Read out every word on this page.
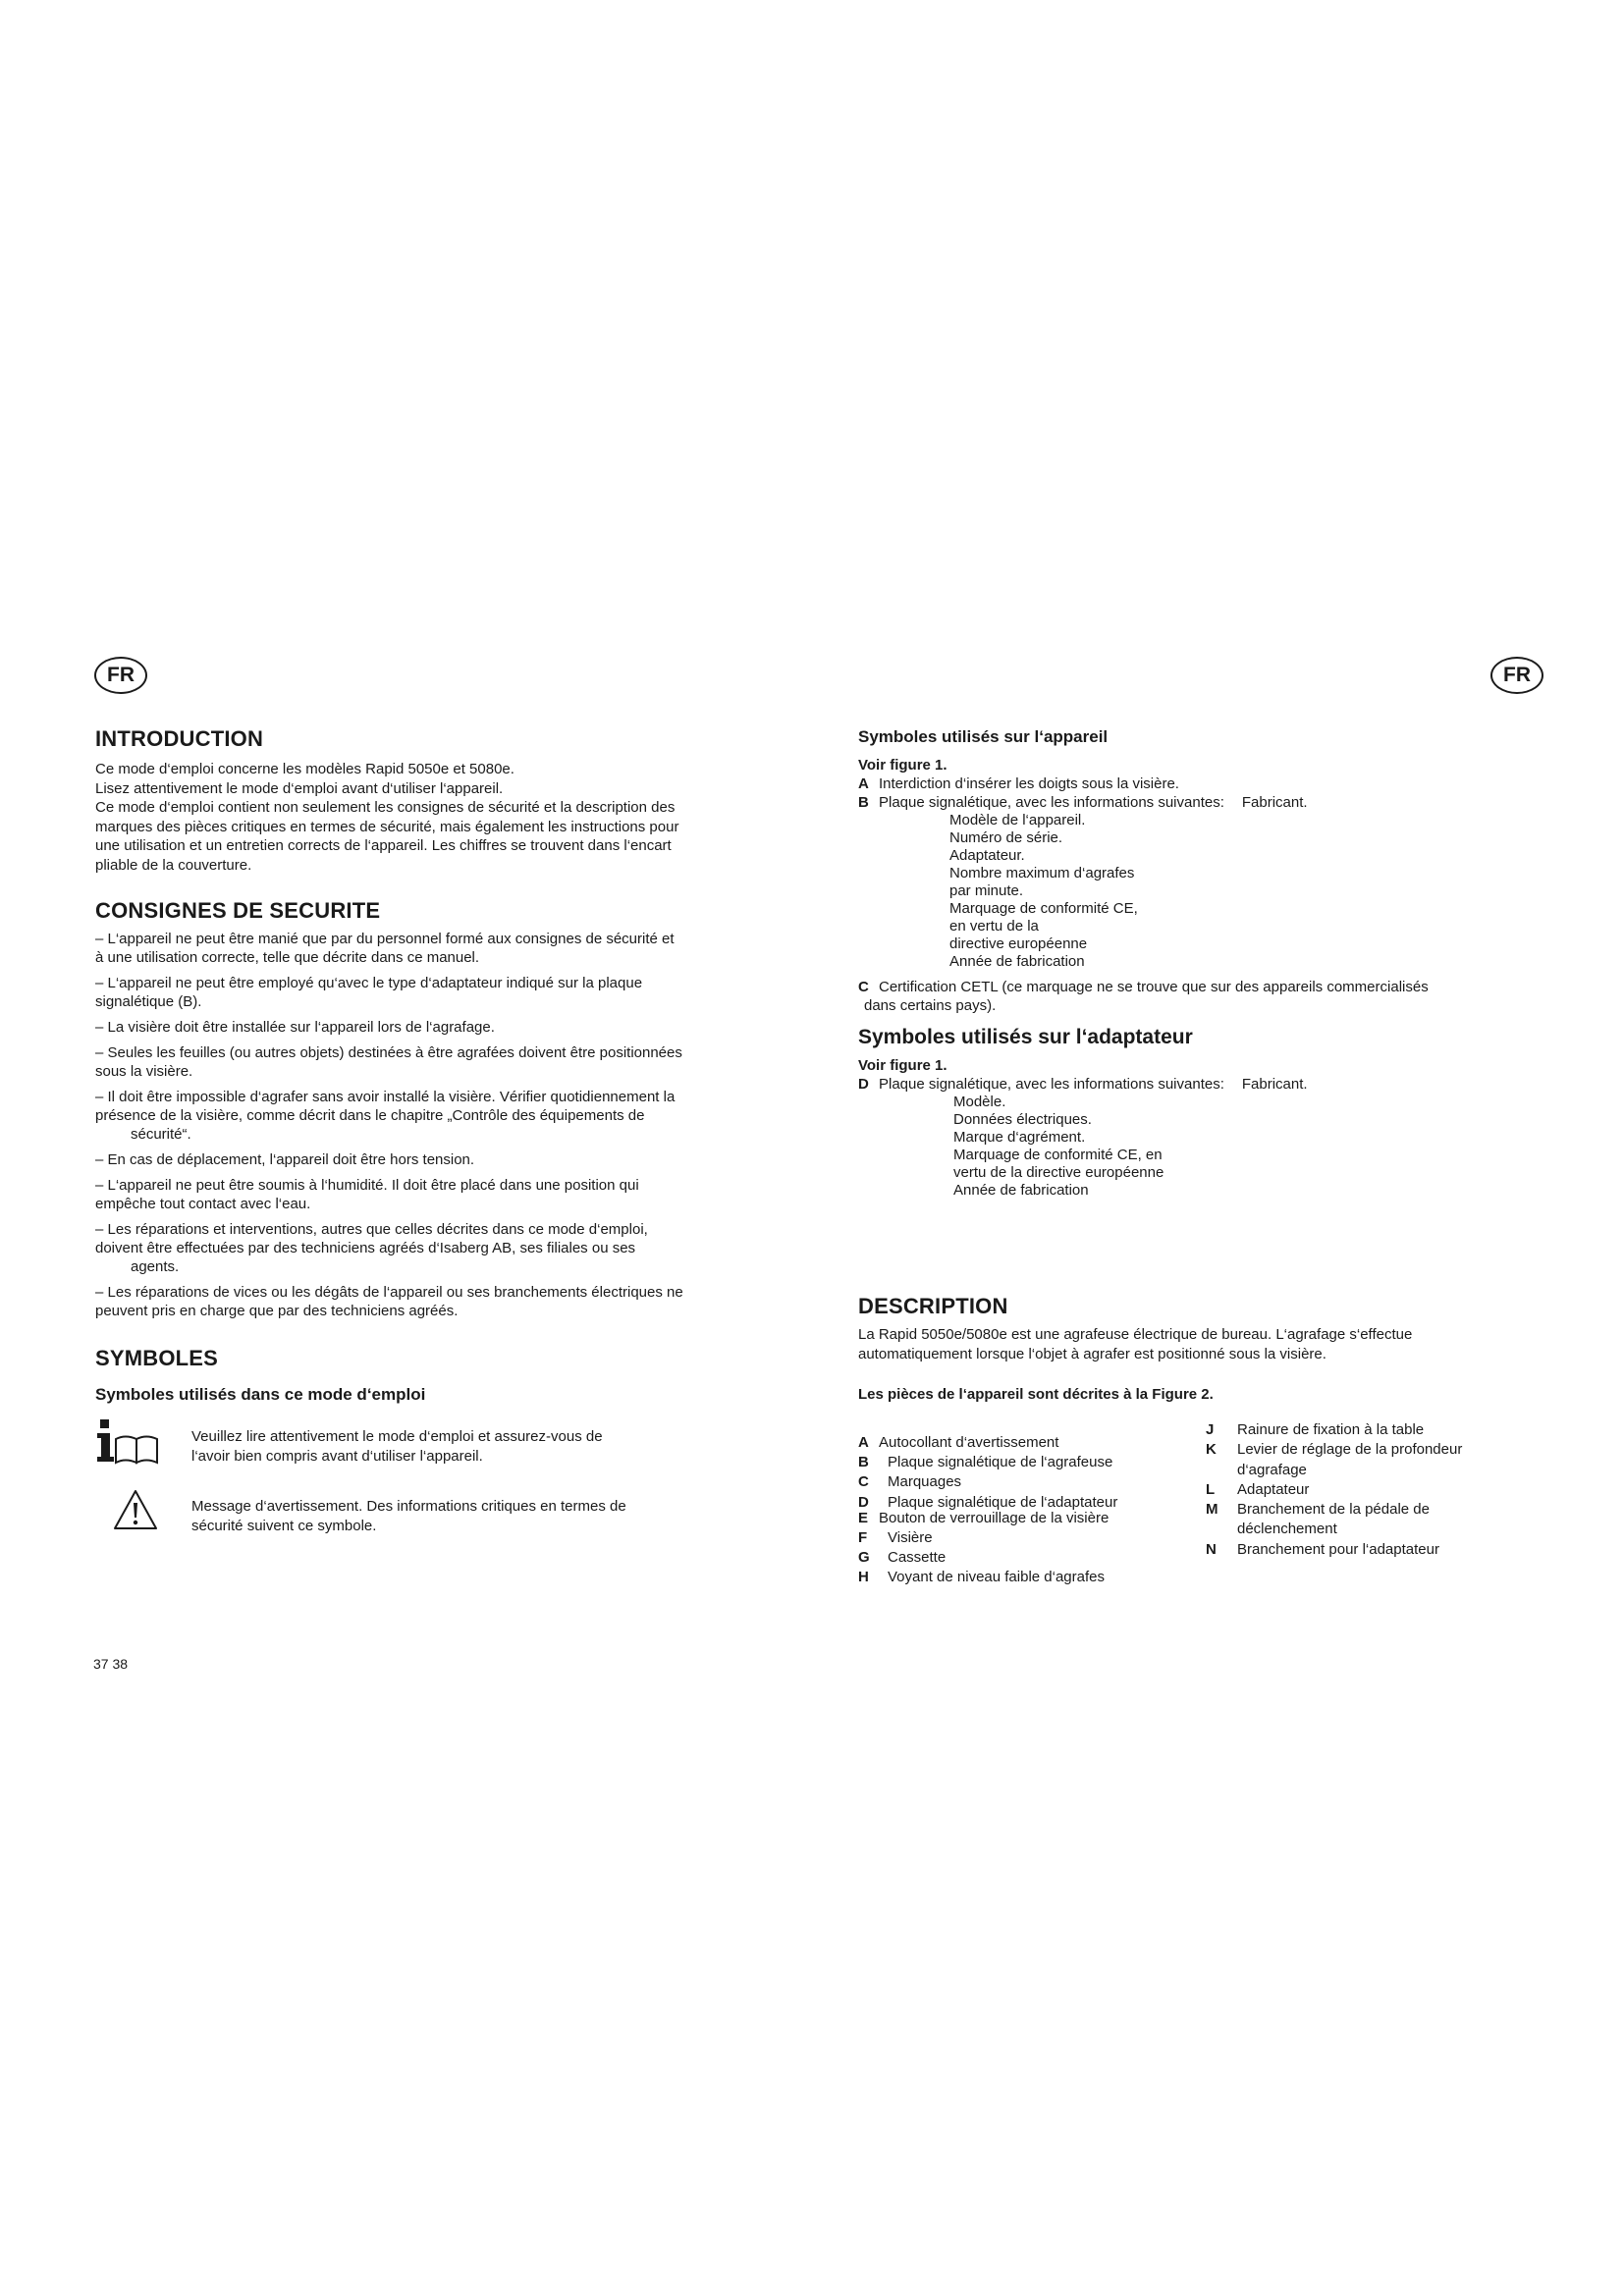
FR	FR
INTRODUCTION
Ce mode d‘emploi concerne les modèles Rapid 5050e et 5080e.
Lisez attentivement le mode d‘emploi avant d‘utiliser l‘appareil.
Ce mode d‘emploi contient non seulement les consignes de sécurité et la description des
marques des pièces critiques en termes de sécurité, mais également les instructions pour
une utilisation et un entretien corrects de l‘appareil. Les chiffres se trouvent dans l‘encart
pliable de la couverture.
CONSIGNES DE SECURITE
– L‘appareil ne peut être manié que par du personnel formé aux consignes de sécurité et
à une utilisation correcte, telle que décrite dans ce manuel.
– L‘appareil ne peut être employé qu‘avec le type d‘adaptateur indiqué sur la plaque
signalétique (B).
– La visière doit être installée sur l‘appareil lors de l‘agrafage.
– Seules les feuilles (ou autres objets) destinées à être agrafées doivent être positionnées
sous la visière.
– Il doit être impossible d‘agrafer sans avoir installé la visière. Vérifier quotidiennement la
présence de la visière, comme décrit dans le chapitre „Contrôle des équipements de
sécurité“.
– En cas de déplacement, l‘appareil doit être hors tension.
– L‘appareil ne peut être soumis à l‘humidité. Il doit être placé dans une position qui
empêche tout contact avec l‘eau.
– Les réparations et interventions, autres que celles décrites dans ce mode d‘emploi,
doivent être effectuées par des techniciens agréés d‘Isaberg AB, ses filiales ou ses
agents.
– Les réparations de vices ou les dégâts de l‘appareil ou ses branchements électriques ne
peuvent pris en charge que par des techniciens agréés.
SYMBOLES
Symboles utilisés dans ce mode d‘emploi
Veuillez lire attentivement le mode d‘emploi et assurez-vous de
l‘avoir bien compris avant d‘utiliser l‘appareil.
Message d‘avertissement. Des informations critiques en termes de
sécurité suivent ce symbole.
37 38
Symboles utilisés sur l‘appareil
Voir figure 1.
A Interdiction d‘insérer les doigts sous la visière.
B Plaque signalétique, avec les informations suivantes:	Fabricant.
Modèle de l‘appareil.
Numéro de série.
Adaptateur.
Nombre maximum d‘agrafes
par minute.
Marquage de conformité CE,
en vertu de la
directive européenne
Année de fabrication
C Certification CETL (ce marquage ne se trouve que sur des appareils commercialisés
dans certains pays).
Symboles utilisés sur l‘adaptateur
Voir figure 1.
D Plaque signalétique, avec les informations suivantes:	Fabricant.
Modèle.
Données électriques.
Marque d‘agrément.
Marquage de conformité CE, en
vertu de la directive européenne
Année de fabrication
DESCRIPTION
La Rapid 5050e/5080e est une agrafeuse électrique de bureau. L‘agrafage s‘effectue
automatiquement lorsque l‘objet à agrafer est positionné sous la visière.
Les pièces de l‘appareil sont décrites à la Figure 2.
A Autocollant d‘avertissement
B	Plaque signalétique de l‘agrafeuse
C	Marquages
D	Plaque signalétique de l‘adaptateur
E Bouton de verrouillage de la visière
F	Visière
G	Cassette
H	Voyant de niveau faible d‘agrafes
J	Rainure de fixation à la table
K	Levier de réglage de la profondeur
d‘agrafage
L	Adaptateur
M	Branchement de la pédale de
déclenchement
N	Branchement pour l‘adaptateur
